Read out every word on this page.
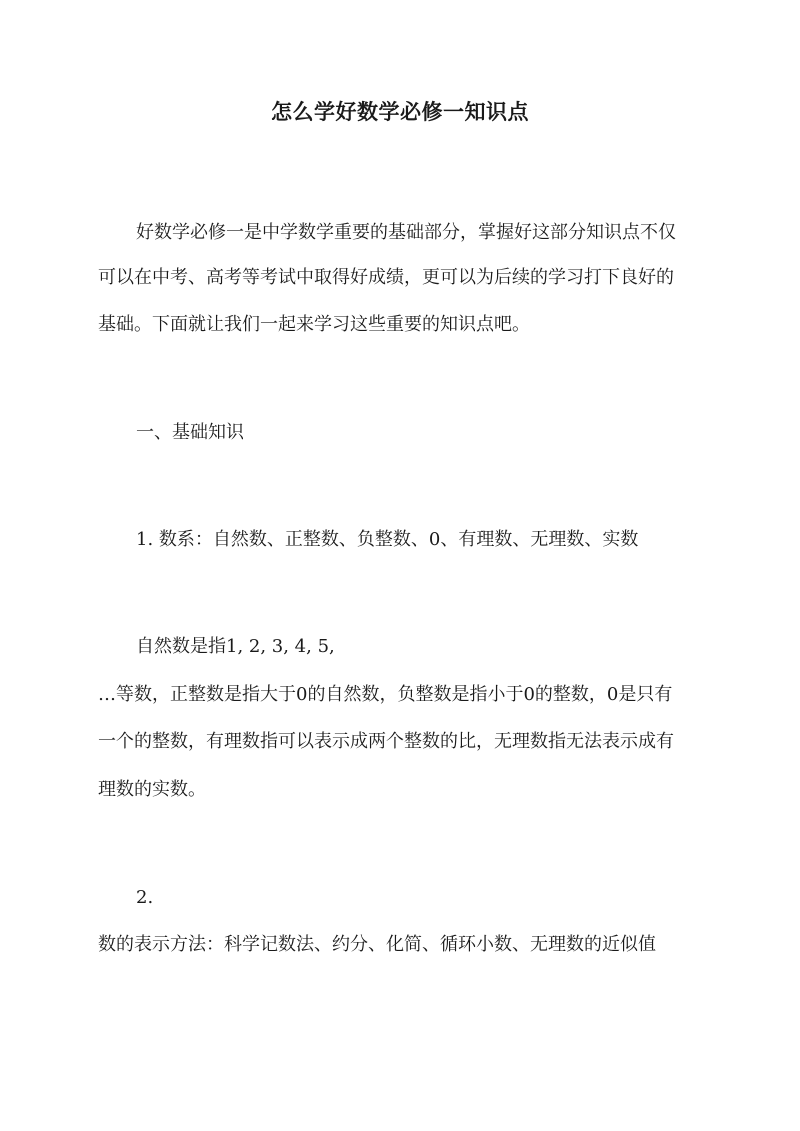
怎么学好数学必修一知识点
好数学必修一是中学数学重要的基础部分，掌握好这部分知识点不仅
可以在中考、高考等考试中取得好成绩，更可以为后续的学习打下良好的
基础。下面就让我们一起来学习这些重要的知识点吧。
一、基础知识
1. 数系：自然数、正整数、负整数、0、有理数、无理数、实数
自然数是指1, 2, 3, 4, 5,
…等数，正整数是指大于0的自然数，负整数是指小于0的整数，0是只有
一个的整数，有理数指可以表示成两个整数的比，无理数指无法表示成有
理数的实数。
2.
数的表示方法：科学记数法、约分、化简、循环小数、无理数的近似值
